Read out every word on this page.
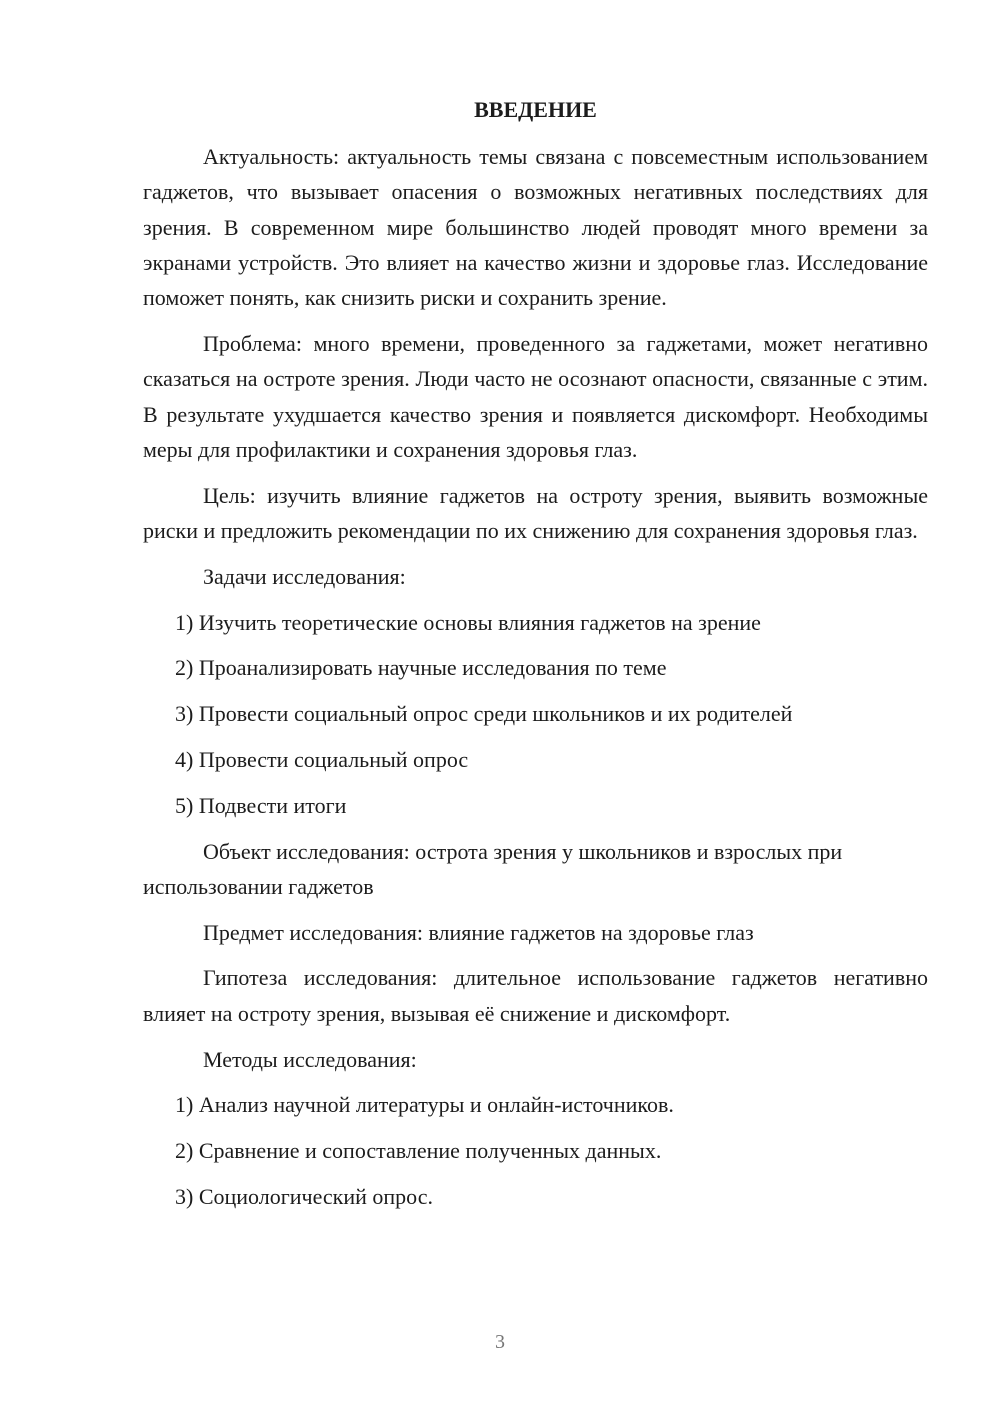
ВВЕДЕНИЕ

Актуальность: актуальность темы связана с повсеместным использованием гаджетов, что вызывает опасения о возможных негативных последствиях для зрения. В современном мире большинство людей проводят много времени за экранами устройств. Это влияет на качество жизни и здоровье глаз. Исследование поможет понять, как снизить риски и сохранить зрение.

Проблема: много времени, проведенного за гаджетами, может негативно сказаться на остроте зрения. Люди часто не осознают опасности, связанные с этим. В результате ухудшается качество зрения и появляется дискомфорт. Необходимы меры для профилактики и сохранения здоровья глаз.

Цель: изучить влияние гаджетов на остроту зрения, выявить возможные риски и предложить рекомендации по их снижению для сохранения здоровья глаз.

Задачи исследования:

1) Изучить теоретические основы влияния гаджетов на зрение
2) Проанализировать научные исследования по теме
3) Провести социальный опрос среди школьников и их родителей
4) Провести социальный опрос
5) Подвести итоги

Объект исследования: острота зрения у школьников и взрослых при использовании гаджетов

Предмет исследования: влияние гаджетов на здоровье глаз

Гипотеза исследования: длительное использование гаджетов негативно влияет на остроту зрения, вызывая её снижение и дискомфорт.

Методы исследования:

1) Анализ научной литературы и онлайн-источников.
2) Сравнение и сопоставление полученных данных.
3) Социологический опрос.
3
